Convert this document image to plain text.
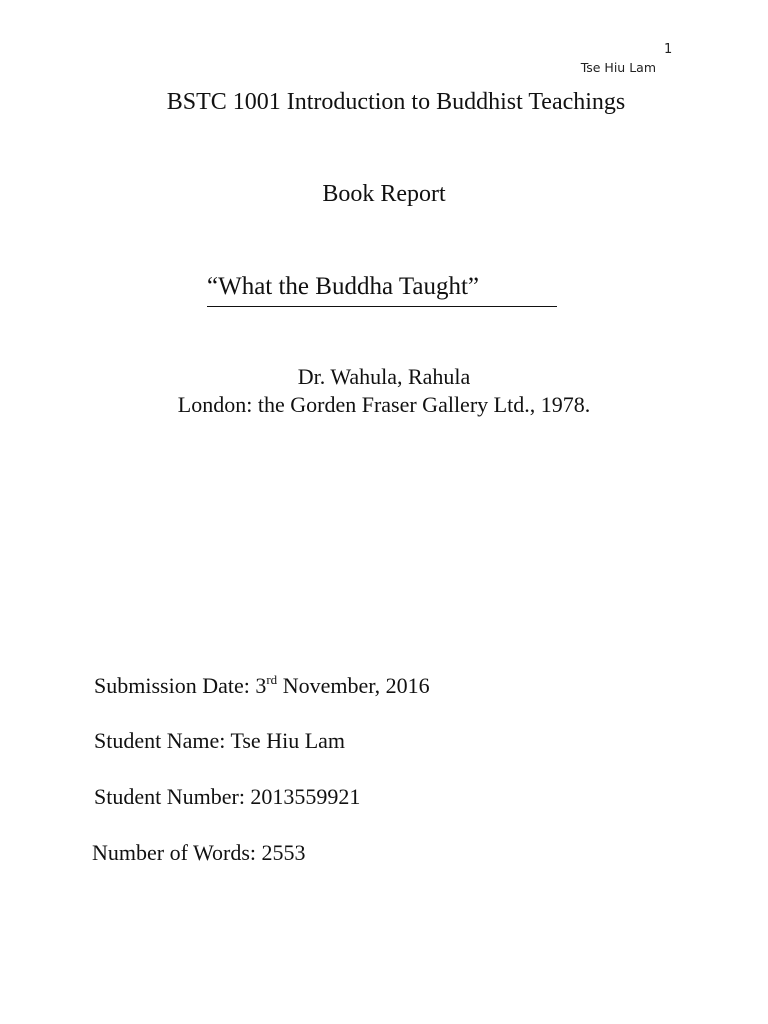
1
Tse Hiu Lam
BSTC 1001 Introduction to Buddhist Teachings
Book Report
“What the Buddha Taught”
Dr. Wahula, Rahula
London: the Gorden Fraser Gallery Ltd., 1978.
Submission Date: 3rd November, 2016
Student Name: Tse Hiu Lam
Student Number: 2013559921
Number of Words: 2553
